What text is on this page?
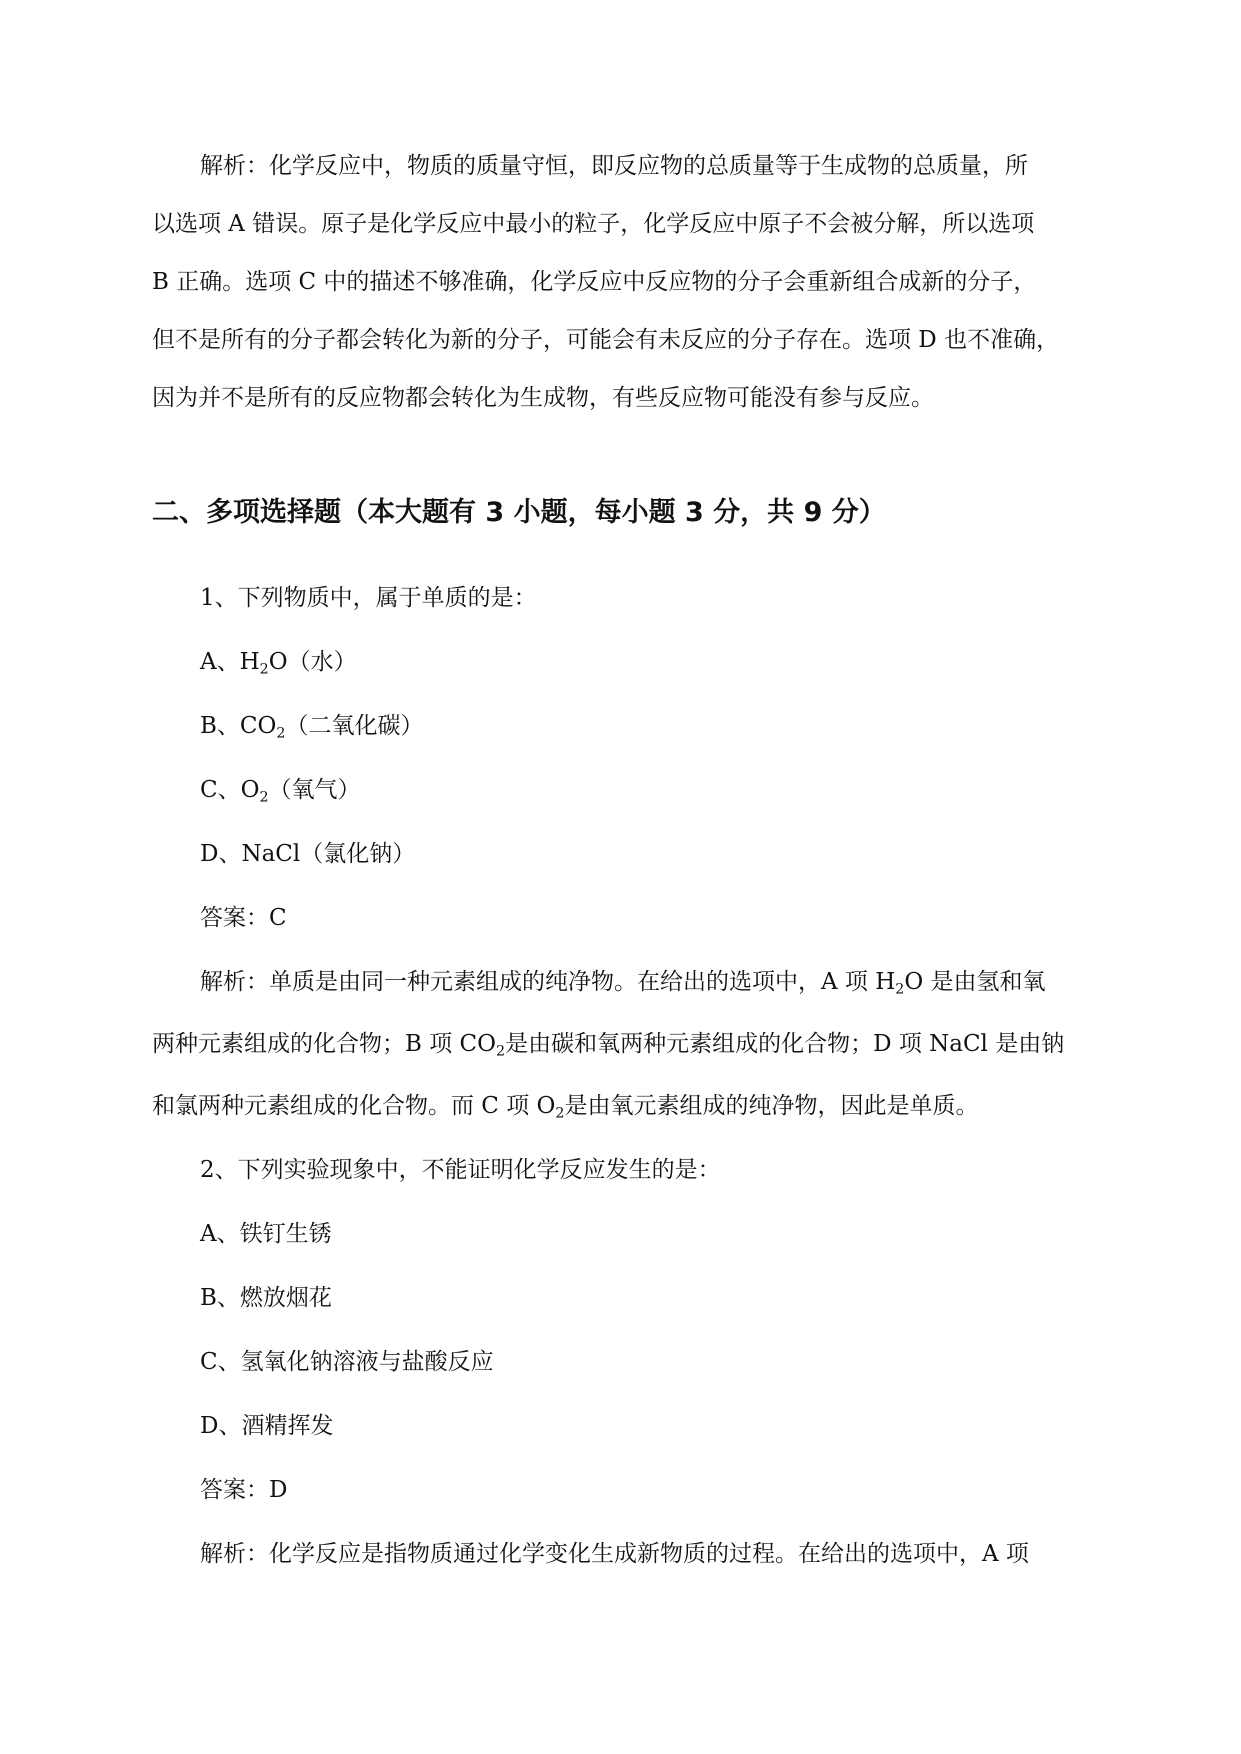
解析：化学反应中，物质的质量守恒，即反应物的总质量等于生成物的总质量，所
以选项 A 错误。原子是化学反应中最小的粒子，化学反应中原子不会被分解，所以选项
B 正确。选项 C 中的描述不够准确，化学反应中反应物的分子会重新组合成新的分子，
但不是所有的分子都会转化为新的分子，可能会有未反应的分子存在。选项 D 也不准确，
因为并不是所有的反应物都会转化为生成物，有些反应物可能没有参与反应。
二、多项选择题（本大题有 3 小题，每小题 3 分，共 9 分）
1、下列物质中，属于单质的是：
A、$H_2O$（水）
B、$CO_2$（二氧化碳）
C、$O_2$（氧气）
D、NaCl（氯化钠）
答案：C
解析：单质是由同一种元素组成的纯净物。在给出的选项中，A 项 $H_2O$ 是由氢和氧
两种元素组成的化合物；B 项 $CO_2$是由碳和氧两种元素组成的化合物；D 项 NaCl 是由钠
和氯两种元素组成的化合物。而 C 项 $O_2$是由氧元素组成的纯净物，因此是单质。
2、下列实验现象中，不能证明化学反应发生的是：
A、铁钉生锈
B、燃放烟花
C、氢氧化钠溶液与盐酸反应
D、酒精挥发
答案：D
解析：化学反应是指物质通过化学变化生成新物质的过程。在给出的选项中，A 项
